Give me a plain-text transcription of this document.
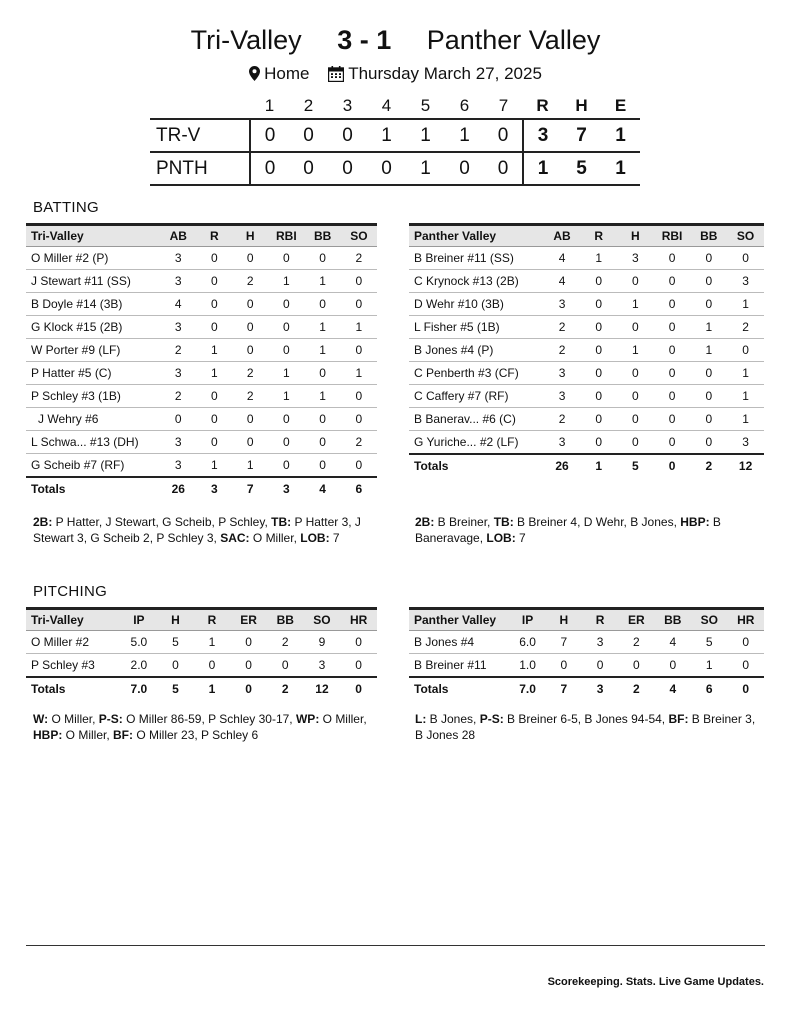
Tri-Valley 3 - 1 Panther Valley
Home Thursday March 27, 2025
	1	2	3	4	5	6	7	R	H	E
TR-V	0	0	0	1	1	1	0	3	7	1
PNTH	0	0	0	0	1	0	0	1	5	1
BATTING
Tri-Valley	AB	R	H	RBI	BB	SO
O Miller #2 (P)	3	0	0	0	0	2
J Stewart #11 (SS)	3	0	2	1	1	0
B Doyle #14 (3B)	4	0	0	0	0	0
G Klock #15 (2B)	3	0	0	0	1	1
W Porter #9 (LF)	2	1	0	0	1	0
P Hatter #5 (C)	3	1	2	1	0	1
P Schley #3 (1B)	2	0	2	1	1	0
J Wehry #6	0	0	0	0	0	0
L Schwa... #13 (DH)	3	0	0	0	0	2
G Scheib #7 (RF)	3	1	1	0	0	0
Totals	26	3	7	3	4	6
Panther Valley	AB	R	H	RBI	BB	SO
B Breiner #11 (SS)	4	1	3	0	0	0
C Krynock #13 (2B)	4	0	0	0	0	3
D Wehr #10 (3B)	3	0	1	0	0	1
L Fisher #5 (1B)	2	0	0	0	1	2
B Jones #4 (P)	2	0	1	0	1	0
C Penberth #3 (CF)	3	0	0	0	0	1
C Caffery #7 (RF)	3	0	0	0	0	1
B Banerav... #6 (C)	2	0	0	0	0	1
G Yuriche... #2 (LF)	3	0	0	0	0	3
Totals	26	1	5	0	2	12
2B: P Hatter, J Stewart, G Scheib, P Schley, TB: P Hatter 3, J Stewart 3, G Scheib 2, P Schley 3, SAC: O Miller, LOB: 7
2B: B Breiner, TB: B Breiner 4, D Wehr, B Jones, HBP: B Baneravage, LOB: 7
PITCHING
Tri-Valley	IP	H	R	ER	BB	SO	HR
O Miller #2	5.0	5	1	0	2	9	0
P Schley #3	2.0	0	0	0	0	3	0
Totals	7.0	5	1	0	2	12	0
Panther Valley	IP	H	R	ER	BB	SO	HR
B Jones #4	6.0	7	3	2	4	5	0
B Breiner #11	1.0	0	0	0	0	1	0
Totals	7.0	7	3	2	4	6	0
W: O Miller, P-S: O Miller 86-59, P Schley 30-17, WP: O Miller, HBP: O Miller, BF: O Miller 23, P Schley 6
L: B Jones, P-S: B Breiner 6-5, B Jones 94-54, BF: B Breiner 3, B Jones 28
Scorekeeping. Stats. Live Game Updates.
